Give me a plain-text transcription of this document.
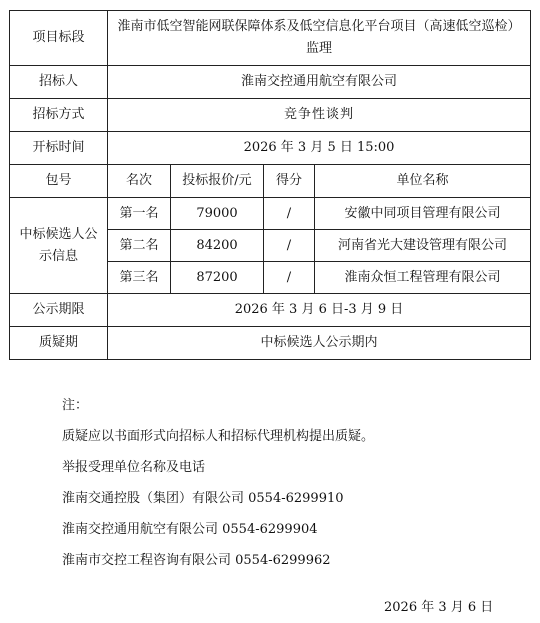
项目标段	淮南市低空智能网联保障体系及低空信息化平台项目（高速低空巡检）监理			
招标人	淮南交控通用航空有限公司			
招标方式	竞争性谈判			
开标时间	2026 年 3 月 5 日 15:00			
包号	名次	投标报价/元	得分	单位名称
中标候选人公示信息	第一名	79000	/	安徽中同项目管理有限公司
	第二名	84200	/	河南省光大建设管理有限公司
	第三名	87200	/	淮南众恒工程管理有限公司
公示期限	2026 年 3 月 6 日-3 月 9 日			
质疑期	中标候选人公示期内			

注：

质疑应以书面形式向招标人和招标代理机构提出质疑。

举报受理单位名称及电话

淮南交通控股（集团）有限公司 0554-6299910

淮南交控通用航空有限公司 0554-6299904

淮南市交控工程咨询有限公司 0554-6299962

2026 年 3 月 6 日
